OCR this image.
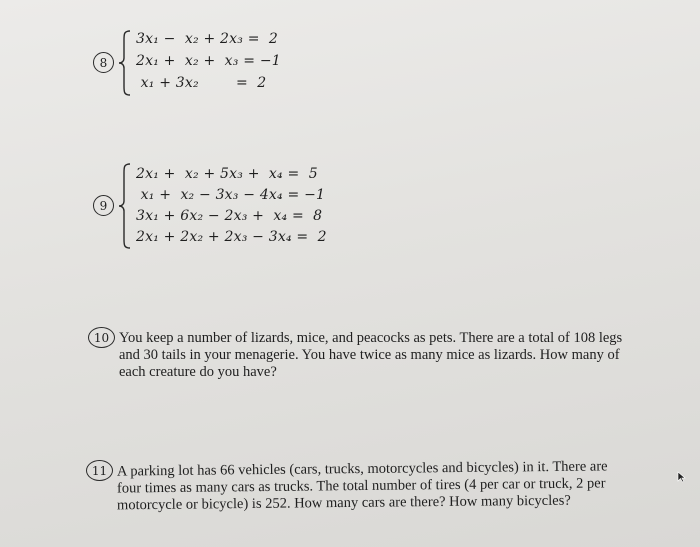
8
3x₁ −  x₂ + 2x₃ =  2
2x₁ +  x₂ +  x₃ = −1
x₁ + 3x₂        =  2
9
2x₁ +  x₂ + 5x₃ +  x₄ =  5
x₁ +  x₂ − 3x₃ − 4x₄ = −1
3x₁ + 6x₂ − 2x₃ +  x₄ =  8
2x₁ + 2x₂ + 2x₃ − 3x₄ =  2
10 You keep a number of lizards, mice, and peacocks as pets. There are a total of 108 legs

and 30 tails in your menagerie. You have twice as many mice as lizards. How many of

each creature do you have?

11 A parking lot has 66 vehicles (cars, trucks, motorcycles and bicycles) in it. There are

four times as many cars as trucks. The total number of tires (4 per car or truck, 2 per

motorcycle or bicycle) is 252. How many cars are there? How many bicycles?
